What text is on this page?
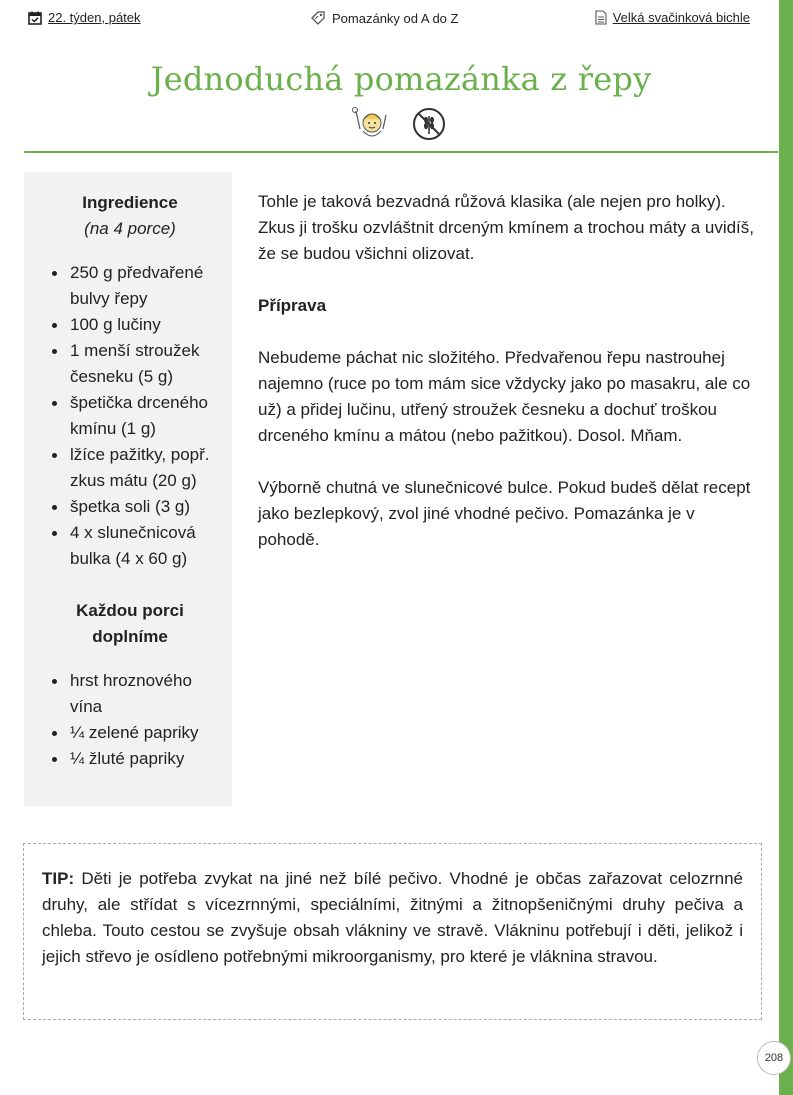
22. týden, pátek	Pomazánky od A do Z	Velká svačinková bichle
Jednoduchá pomazánka z řepy
Ingredience
(na 4 porce)
250 g předvařené bulvy řepy
100 g lučiny
1 menší stroužek česneku (5 g)
špetička drceného kmínu (1 g)
lžíce pažitky, popř. zkus mátu (20 g)
špetka soli (3 g)
4 x slunečnicová bulka (4 x 60 g)
Každou porci doplníme
hrst hroznového vína
¼ zelené papriky
¼ žluté papriky

Tohle je taková bezvadná růžová klasika (ale nejen pro holky). Zkus ji trošku ozvláštnit drceným kmínem a trochou máty a uvidíš, že se budou všichni olizovat.

Příprava

Nebudeme páchat nic složitého. Předvařenou řepu nastrouhej najemno (ruce po tom mám sice vždycky jako po masakru, ale co už) a přidej lučinu, utřený stroužek česneku a dochuť troškou drceného kmínu a mátou (nebo pažitkou). Dosol. Mňam.

Výborně chutná ve slunečnicové bulce. Pokud budeš dělat recept jako bezlepkový, zvol jiné vhodné pečivo. Pomazánka je v pohodě.

TIP: Děti je potřeba zvykat na jiné než bílé pečivo. Vhodné je občas zařazovat celozrnné druhy, ale střídat s vícezrnnými, speciálními, žitnými a žitnopšeničnými druhy pečiva a chleba. Touto cestou se zvyšuje obsah vlákniny ve stravě. Vlákninu potřebují i děti, jelikož i jejich střevo je osídleno potřebnými mikroorganismy, pro které je vláknina stravou.
208
